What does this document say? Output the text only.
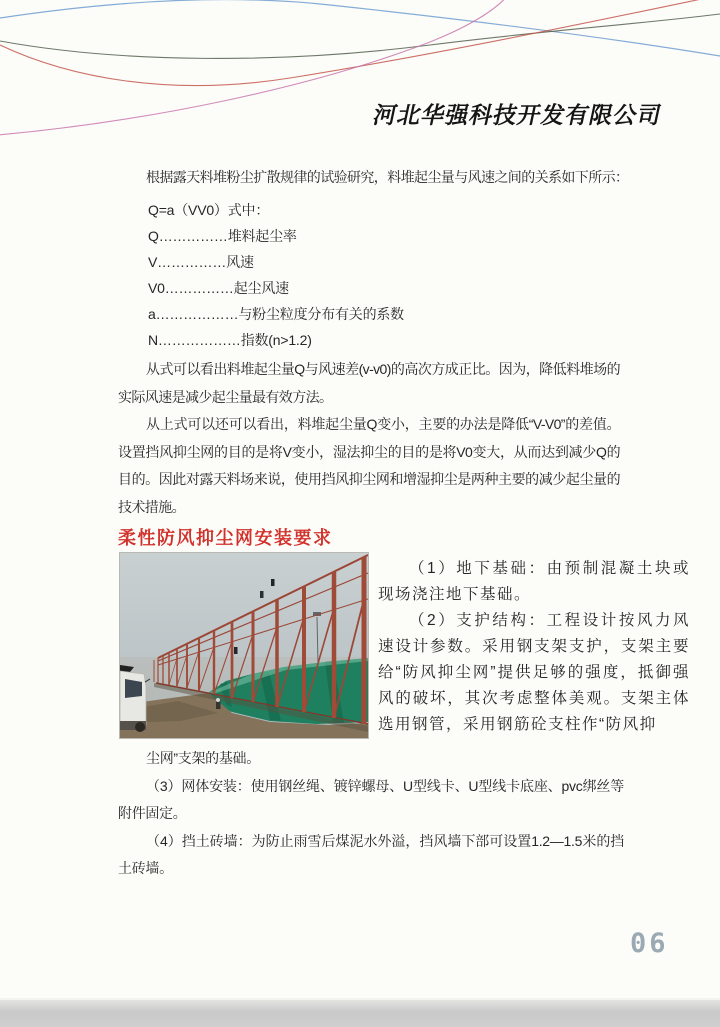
河北华强科技开发有限公司

根据露天料堆粉尘扩散规律的试验研究，料堆起尘量与风速之间的关系如下所示：

Q=a（VV0）式中：
Q……………堆料起尘率
V……………风速
V0……………起尘风速
a………………与粉尘粒度分布有关的系数
N………………指数(n>1.2)

从式可以看出料堆起尘量Q与风速差(v-v0)的高次方成正比。因为，降低料堆场的实际风速是减少起尘量最有效方法。

从上式可以还可以看出，料堆起尘量Q变小，主要的办法是降低“V-V0”的差值。设置挡风抑尘网的目的是将V变小，湿法抑尘的目的是将V0变大，从而达到减少Q的目的。因此对露天料场来说，使用挡风抑尘网和增湿抑尘是两种主要的减少起尘量的技术措施。

柔性防风抑尘网安装要求

（1）地下基础：由预制混凝土块或现场浇注地下基础。

（2）支护结构：工程设计按风力风速设计参数。采用钢支架支护，支架主要给“防风抑尘网”提供足够的强度，抵御强风的破坏，其次考虑整体美观。支架主体选用钢管，采用钢筋砼支柱作“防风抑

尘网”支架的基础。

（3）网体安装：使用钢丝绳、镀锌螺母、U型线卡、U型线卡底座、pvc绑丝等附件固定。

（4）挡土砖墙：为防止雨雪后煤泥水外溢，挡风墙下部可设置1.2—1.5米的挡土砖墙。

06
